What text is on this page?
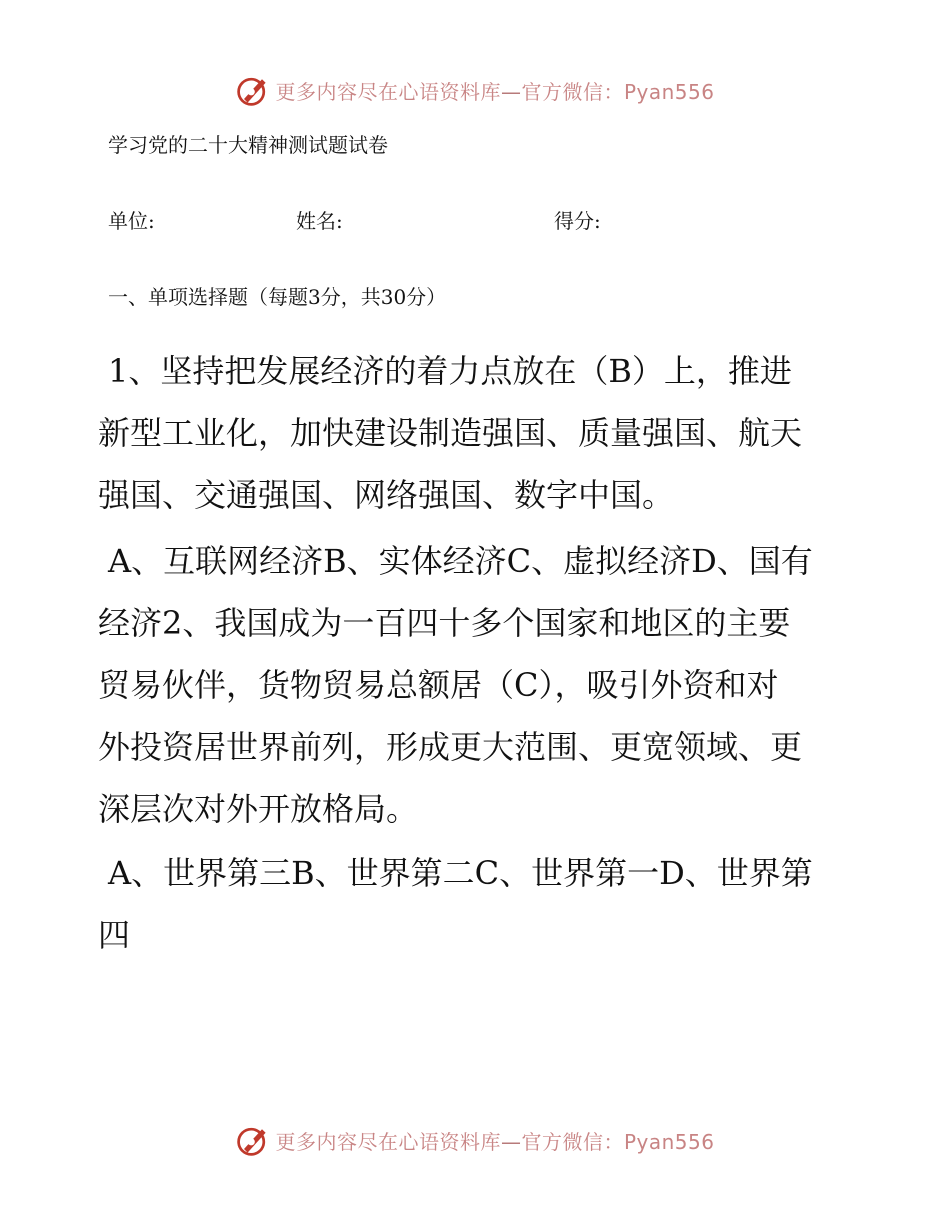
更多内容尽在心语资料库—官方微信：Pyan556
学习党的二十大精神测试题试卷
单位:	姓名:	得分:
一、单项选择题（每题3分，共30分）
1、坚持把发展经济的着力点放在（B）上，推进
新型工业化，加快建设制造强国、质量强国、航天
强国、交通强国、网络强国、数字中国。
A、互联网经济B、实体经济C、虚拟经济D、国有
经济2、我国成为一百四十多个国家和地区的主要
贸易伙伴，货物贸易总额居（C），吸引外资和对
外投资居世界前列，形成更大范围、更宽领域、更
深层次对外开放格局。
A、世界第三B、世界第二C、世界第一D、世界第
四
更多内容尽在心语资料库—官方微信：Pyan556
